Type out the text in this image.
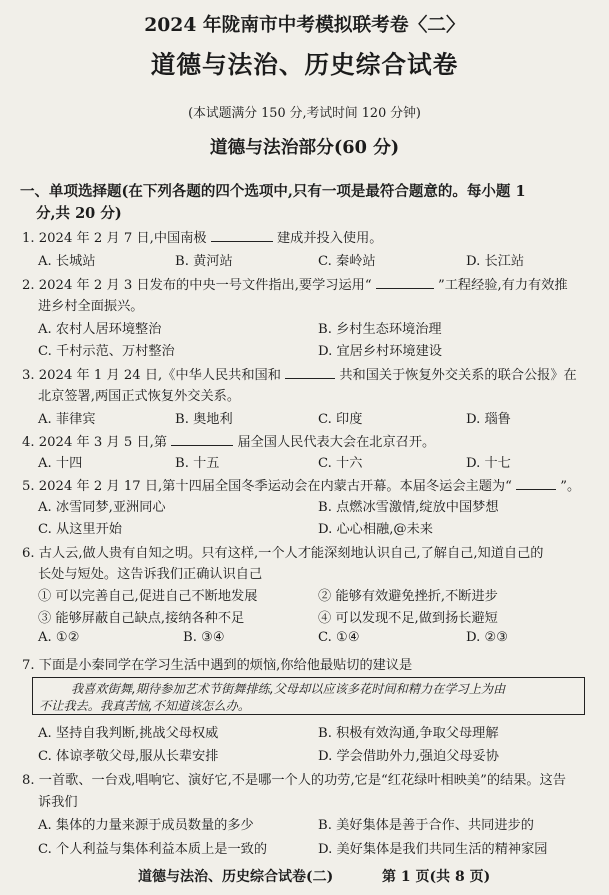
2024 年陇南市中考模拟联考卷〈二〉
道德与法治、历史综合试卷
(本试题满分 150 分,考试时间 120 分钟)
道德与法治部分(60 分)
一、单项选择题(在下列各题的四个选项中,只有一项是最符合题意的。每小题 1
分,共 20 分)
1. 2024 年 2 月 7 日,中国南极	建成并投入使用。
A. 长城站	B. 黄河站	C. 秦岭站	D. 长江站
2. 2024 年 2 月 3 日发布的中央一号文件指出,要学习运用“	”工程经验,有力有效推
进乡村全面振兴。
A. 农村人居环境整治	B. 乡村生态环境治理
C. 千村示范、万村整治	D. 宜居乡村环境建设
3. 2024 年 1 月 24 日,《中华人民共和国和	共和国关于恢复外交关系的联合公报》在
北京签署,两国正式恢复外交关系。
A. 菲律宾	B. 奥地利	C. 印度	D. 瑙鲁
4. 2024 年 3 月 5 日,第	届全国人民代表大会在北京召开。
A. 十四	B. 十五	C. 十六	D. 十七
5. 2024 年 2 月 17 日,第十四届全国冬季运动会在内蒙古开幕。本届冬运会主题为“	”。
A. 冰雪同梦,亚洲同心	B. 点燃冰雪激情,绽放中国梦想
C. 从这里开始	D. 心心相融,@未来
6. 古人云,做人贵有自知之明。只有这样,一个人才能深刻地认识自己,了解自己,知道自己的
长处与短处。这告诉我们正确认识自己
① 可以完善自己,促进自己不断地发展	② 能够有效避免挫折,不断进步
③ 能够屏蔽自己缺点,接纳各种不足	④ 可以发现不足,做到扬长避短
A. ①②	B. ③④	C. ①④	D. ②③
7. 下面是小秦同学在学习生活中遇到的烦恼,你给他最贴切的建议是
我喜欢街舞,期待参加艺术节街舞排练,父母却以应该多花时间和精力在学习上为由
不让我去。我真苦恼,不知道该怎么办。
A. 坚持自我判断,挑战父母权威	B. 积极有效沟通,争取父母理解
C. 体谅孝敬父母,服从长辈安排	D. 学会借助外力,强迫父母妥协
8. 一首歌、一台戏,唱响它、演好它,不是哪一个人的功劳,它是“红花绿叶相映美”的结果。这告
诉我们
A. 集体的力量来源于成员数量的多少	B. 美好集体是善于合作、共同进步的
C. 个人利益与集体利益本质上是一致的	D. 美好集体是我们共同生活的精神家园
道德与法治、历史综合试卷(二)	第 1 页(共 8 页)
